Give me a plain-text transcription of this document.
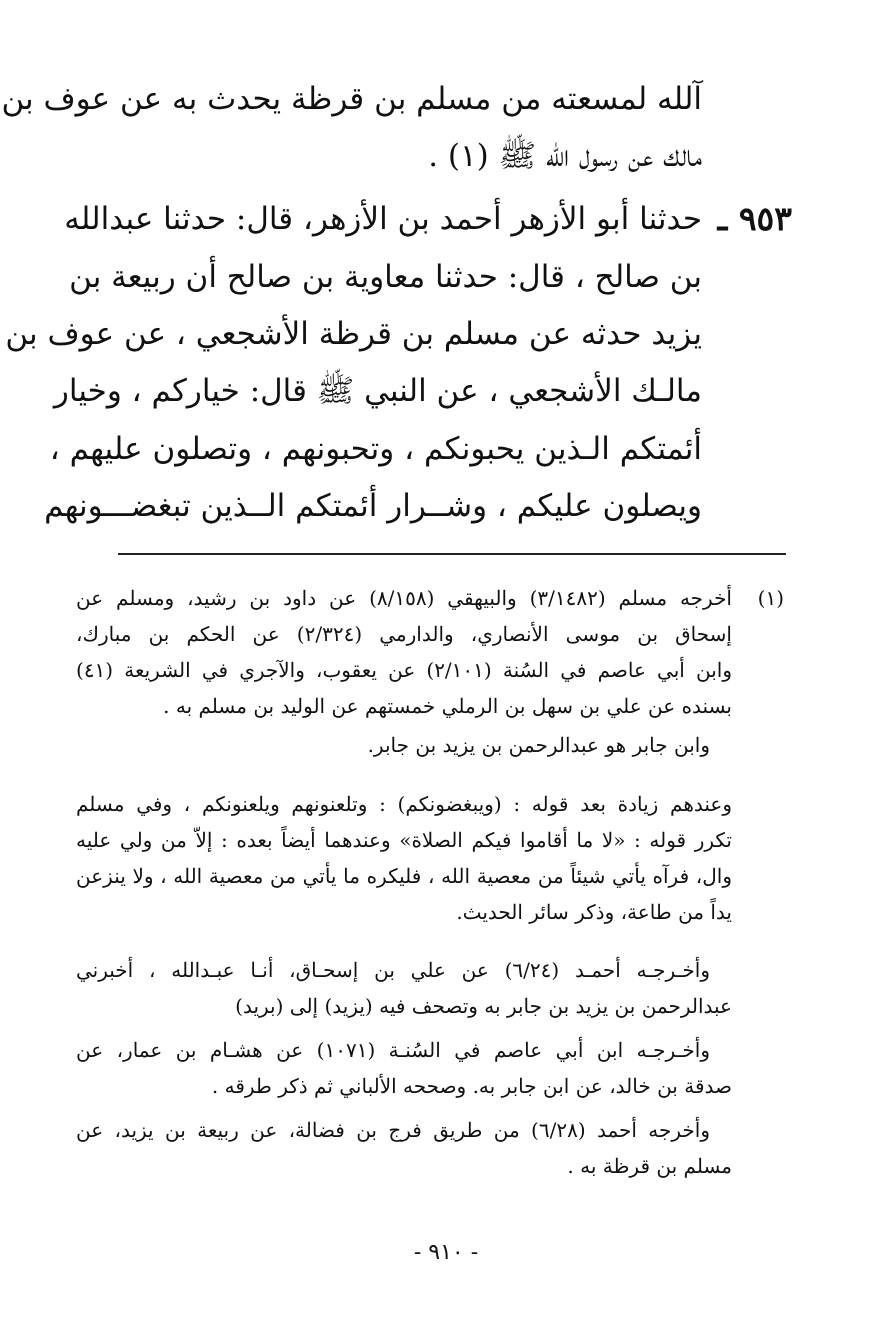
آلله لمسعته من مسلم بن قرظة يحدث به عن عوف بن
مالك عن رسول الله ﷺ (١) .
٩٥٣ ـ
حدثنا أبو الأزهر أحمد بن الأزهر، قال: حدثنا عبدالله
بن صالح ، قال: حدثنا معاوية بن صالح أن ربيعة بن
يزيد حدثه عن مسلم بن قرظة الأشجعي ، عن عوف بن
مالـك الأشجعي ، عن النبي ﷺ قال: خياركم ، وخيار
أئمتكم الـذين يحبونكم ، وتحبونهم ، وتصلون عليهم ،
ويصلون عليكم ، وشــرار أئمتكم الــذين تبغضـــونهم
(١)
أخرجه مسلم (٣/١٤٨٢) والبيهقي (٨/١٥٨) عن داود بن رشيد، ومسلم عن
إسحاق بن موسى الأنصاري، والدارمي (٢/٣٢٤) عن الحكم بن مبارك،
وابن أبي عاصم في السُنة (٢/١٠١) عن يعقوب، والآجري في الشريعة (٤١)
بسنده عن علي بن سهل بن الرملي خمستهم عن الوليد بن مسلم به .
وابن جابر هو عبدالرحمن بن يزيد بن جابر.
وعندهم زيادة بعد قوله : (ويبغضونكم) : وتلعنونهم ويلعنونكم ، وفي مسلم
تكرر قوله : «لا ما أقاموا فيكم الصلاة» وعندهما أيضاً بعده : إلاّ من ولي عليه
وال، فرآه يأتي شيئاً من معصية الله ، فليكره ما يأتي من معصية الله ، ولا ينزعن
يداً من طاعة، وذكر سائر الحديث.
وأخـرجـه أحمـد (٦/٢٤) عن علي بن إسحـاق، أنـا عبـدالله ، أخبرني
عبدالرحمن بن يزيد بن جابر به وتصحف فيه (يزيد) إلى (بريد)
وأخـرجـه ابن أبي عاصم في السُنـة (١٠٧١) عن هشـام بن عمار، عن
صدقة بن خالد، عن ابن جابر به. وصححه الألباني ثم ذكر طرقه .
وأخرجه أحمد (٦/٢٨) من طريق فرج بن فضالة، عن ربيعة بن يزيد، عن
مسلم بن قرظة به .
- ٩١٠ -
